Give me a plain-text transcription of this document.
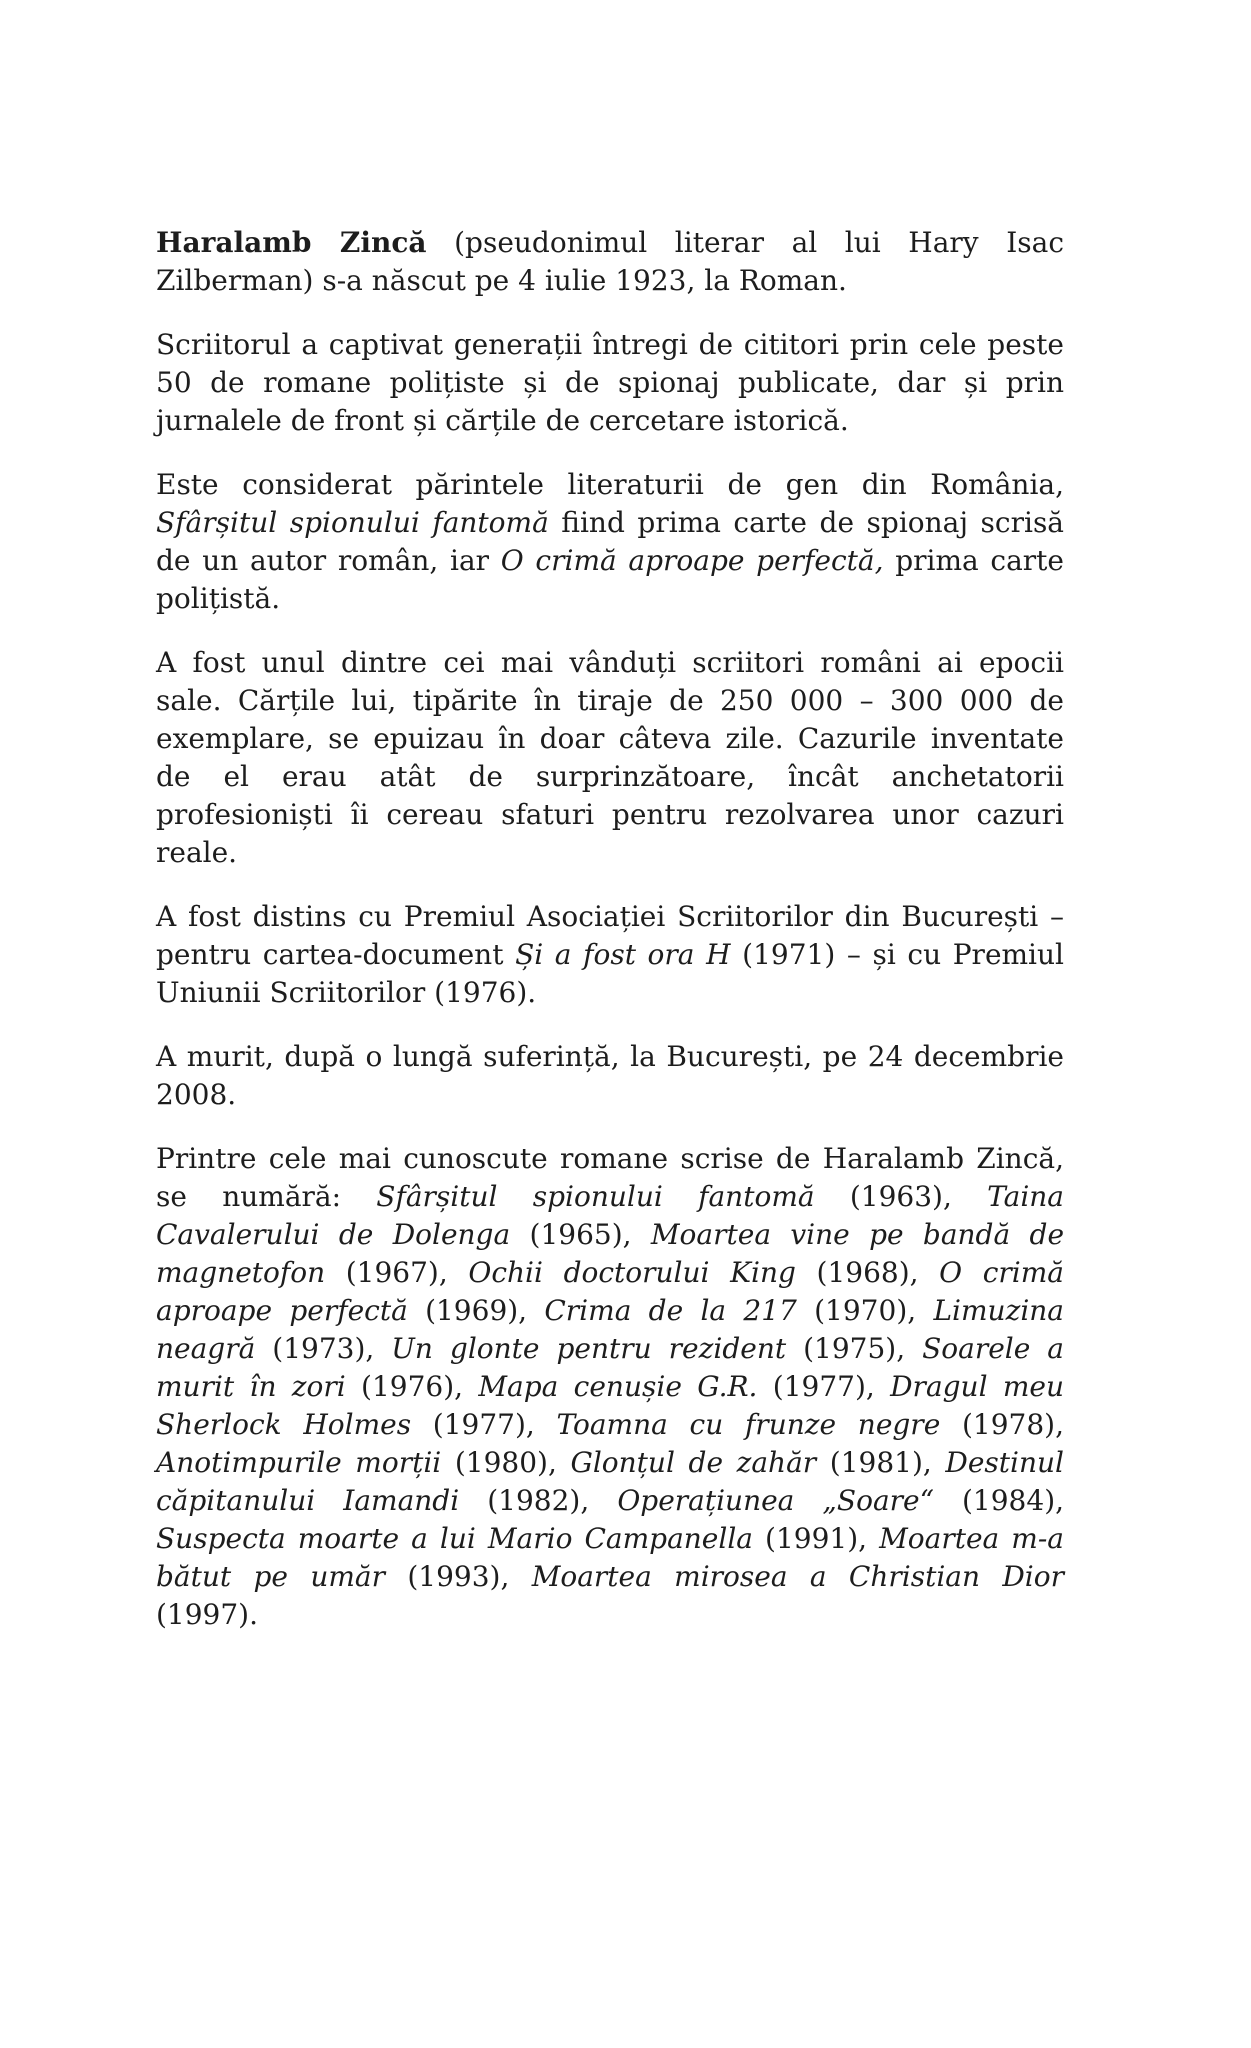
Haralamb Zincă (pseudonimul literar al lui Hary Isac Zilberman) s-a născut pe 4 iulie 1923, la Roman.

Scriitorul a captivat generații întregi de cititori prin cele peste 50 de romane polițiste și de spionaj publicate, dar și prin jurnalele de front și cărțile de cercetare istorică.

Este considerat părintele literaturii de gen din România, Sfârșitul spionului fantomă fiind prima carte de spionaj scrisă de un autor român, iar O crimă aproape perfectă, prima carte polițistă.

A fost unul dintre cei mai vânduți scriitori români ai epocii sale. Cărțile lui, tipărite în tiraje de 250 000 – 300 000 de exemplare, se epuizau în doar câteva zile. Cazurile inventate de el erau atât de surprinzătoare, încât anchetatorii profesioniști îi cereau sfaturi pentru rezolvarea unor cazuri reale.

A fost distins cu Premiul Asociației Scriitorilor din București – pentru cartea-document Și a fost ora H (1971) – și cu Premiul Uniunii Scriitorilor (1976).

A murit, după o lungă suferință, la București, pe 24 decembrie 2008.

Printre cele mai cunoscute romane scrise de Haralamb Zincă, se numără: Sfârșitul spionului fantomă (1963), Taina Cavalerului de Dolenga (1965), Moartea vine pe bandă de magnetofon (1967), Ochii doctorului King (1968), O crimă aproape perfectă (1969), Crima de la 217 (1970), Limuzina neagră (1973), Un glonte pentru rezident (1975), Soarele a murit în zori (1976), Mapa cenușie G.R. (1977), Dragul meu Sherlock Holmes (1977), Toamna cu frunze negre (1978), Anotimpurile morții (1980), Glonțul de zahăr (1981), Destinul căpitanului Iamandi (1982), Operațiunea „Soare“ (1984), Suspecta moarte a lui Mario Campanella (1991), Moartea m-a bătut pe umăr (1993), Moartea mirosea a Christian Dior (1997).
